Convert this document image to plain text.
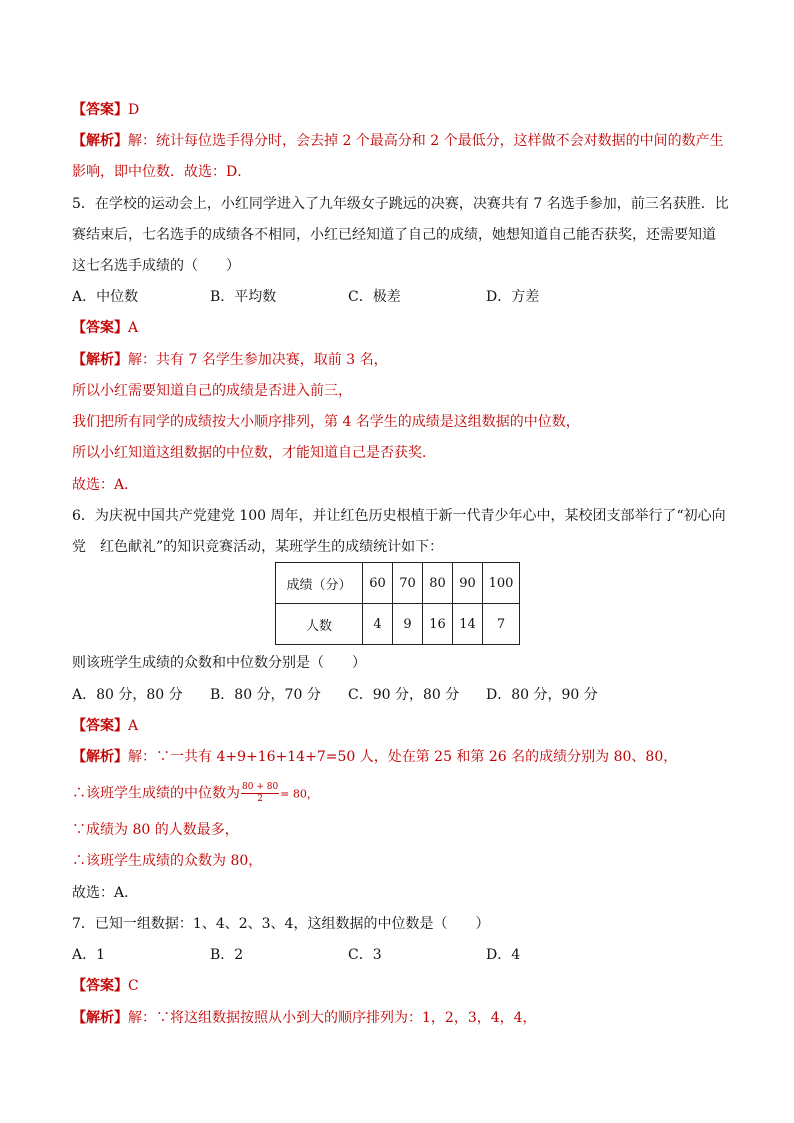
【答案】D
【解析】解：统计每位选手得分时，会去掉 2 个最高分和 2 个最低分，这样做不会对数据的中间的数产生
影响，即中位数．故选：D．
5．在学校的运动会上，小红同学进入了九年级女子跳远的决赛，决赛共有 7 名选手参加，前三名获胜．比
赛结束后，七名选手的成绩各不相同，小红已经知道了自己的成绩，她想知道自己能否获奖，还需要知道
这七名选手成绩的（　　）
A．中位数	B．平均数	C．极差	D．方差
【答案】A
【解析】解：共有 7 名学生参加决赛，取前 3 名，
所以小红需要知道自己的成绩是否进入前三，
我们把所有同学的成绩按大小顺序排列，第 4 名学生的成绩是这组数据的中位数，
所以小红知道这组数据的中位数，才能知道自己是否获奖．
故选：A．
6．为庆祝中国共产党建党 100 周年，并让红色历史根植于新一代青少年心中，某校团支部举行了“初心向
党　红色献礼”的知识竞赛活动，某班学生的成绩统计如下：
成绩（分）	60	70	80	90	100
人数	4	9	16	14	7
则该班学生成绩的众数和中位数分别是（　　）
A．80 分，80 分 B．80 分，70 分 C．90 分，80 分 D．80 分，90 分
【答案】A
【解析】解：∵一共有 4+9+16+14+7=50 人，处在第 25 和第 26 名的成绩分别为 80、80，
∴该班学生成绩的中位数为 $\frac{80 + 80}{2} = 80$，
∵成绩为 80 的人数最多，
∴该班学生成绩的众数为 80，
故选：A．
7．已知一组数据：1、4、2、3、4，这组数据的中位数是（　　）
A．1	B．2	C．3	D．4
【答案】C
【解析】解：∵将这组数据按照从小到大的顺序排列为：1，2，3，4，4，
